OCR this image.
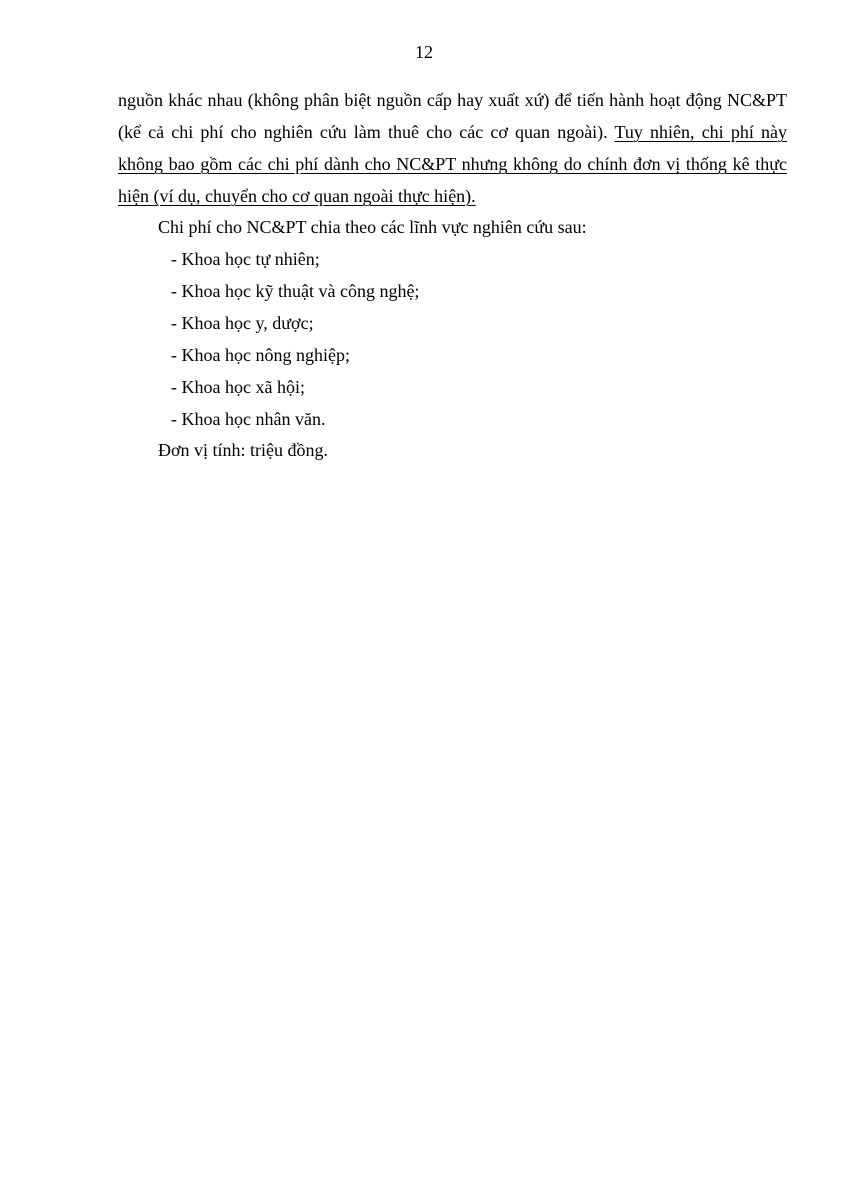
12

nguồn khác nhau (không phân biệt nguồn cấp hay xuất xứ) để tiến hành hoạt động NC&PT (kể cả chi phí cho nghiên cứu làm thuê cho các cơ quan ngoài). Tuy nhiên, chi phí này không bao gồm các chi phí dành cho NC&PT nhưng không do chính đơn vị thống kê thực hiện (ví dụ, chuyển cho cơ quan ngoài thực hiện).

Chi phí cho NC&PT chia theo các lĩnh vực nghiên cứu sau:

- Khoa học tự nhiên;
- Khoa học kỹ thuật và công nghệ;
- Khoa học y, dược;
- Khoa học nông nghiệp;
- Khoa học xã hội;
- Khoa học nhân văn.

Đơn vị tính: triệu đồng.
